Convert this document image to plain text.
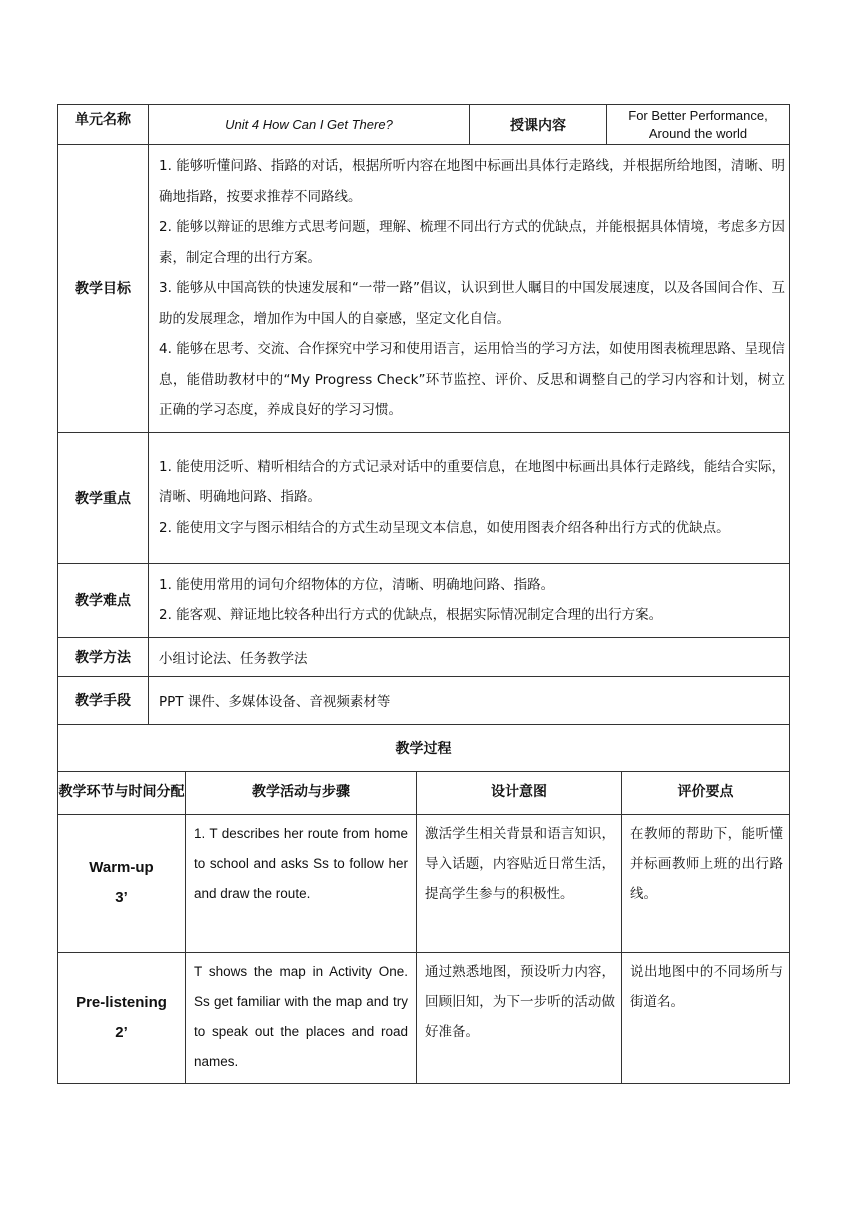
单元名称	Unit 4 How Can I Get There?	授课内容	For Better Performance,
Around the world

教学目标	1. 能够听懂问路、指路的对话，根据所听内容在地图中标画出具体行走路线，并根据所给地图，清晰、明确地指路，按要求推荐不同路线。

2. 能够以辩证的思维方式思考问题，理解、梳理不同出行方式的优缺点，并能根据具体情境，考虑多方因素，制定合理的出行方案。

3. 能够从中国高铁的快速发展和“一带一路”倡议，认识到世人瞩目的中国发展速度，以及各国间合作、互助的发展理念，增加作为中国人的自豪感，坚定文化自信。

4. 能够在思考、交流、合作探究中学习和使用语言，运用恰当的学习方法，如使用图表梳理思路、呈现信息，能借助教材中的“My Progress Check”环节监控、评价、反思和调整自己的学习内容和计划，树立正确的学习态度，养成良好的学习习惯。		

教学重点	1. 能使用泛听、精听相结合的方式记录对话中的重要信息，在地图中标画出具体行走路线，能结合实际，清晰、明确地问路、指路。

2. 能使用文字与图示相结合的方式生动呈现文本信息，如使用图表介绍各种出行方式的优缺点。		

教学难点	1. 能使用常用的词句介绍物体的方位，清晰、明确地问路、指路。

2. 能客观、辩证地比较各种出行方式的优缺点，根据实际情况制定合理的出行方案。		

教学方法	小组讨论法、任务教学法		
教学手段	PPT 课件、多媒体设备、音视频素材等		
教学过程			
教学环节与时间分配	教学活动与步骤	设计意图	评价要点

Warm-up
3’	1. T describes her route from home to school and asks Ss to follow her and draw the route.	激活学生相关背景和语言知识，导入话题，内容贴近日常生活，提高学生参与的积极性。	在教师的帮助下，能听懂并标画教师上班的出行路线。

Pre-listening
2’	T shows the map in Activity One. Ss get familiar with the map and try to speak out the places and road names.	通过熟悉地图，预设听力内容，回顾旧知，为下一步听的活动做好准备。	说出地图中的不同场所与街道名。
